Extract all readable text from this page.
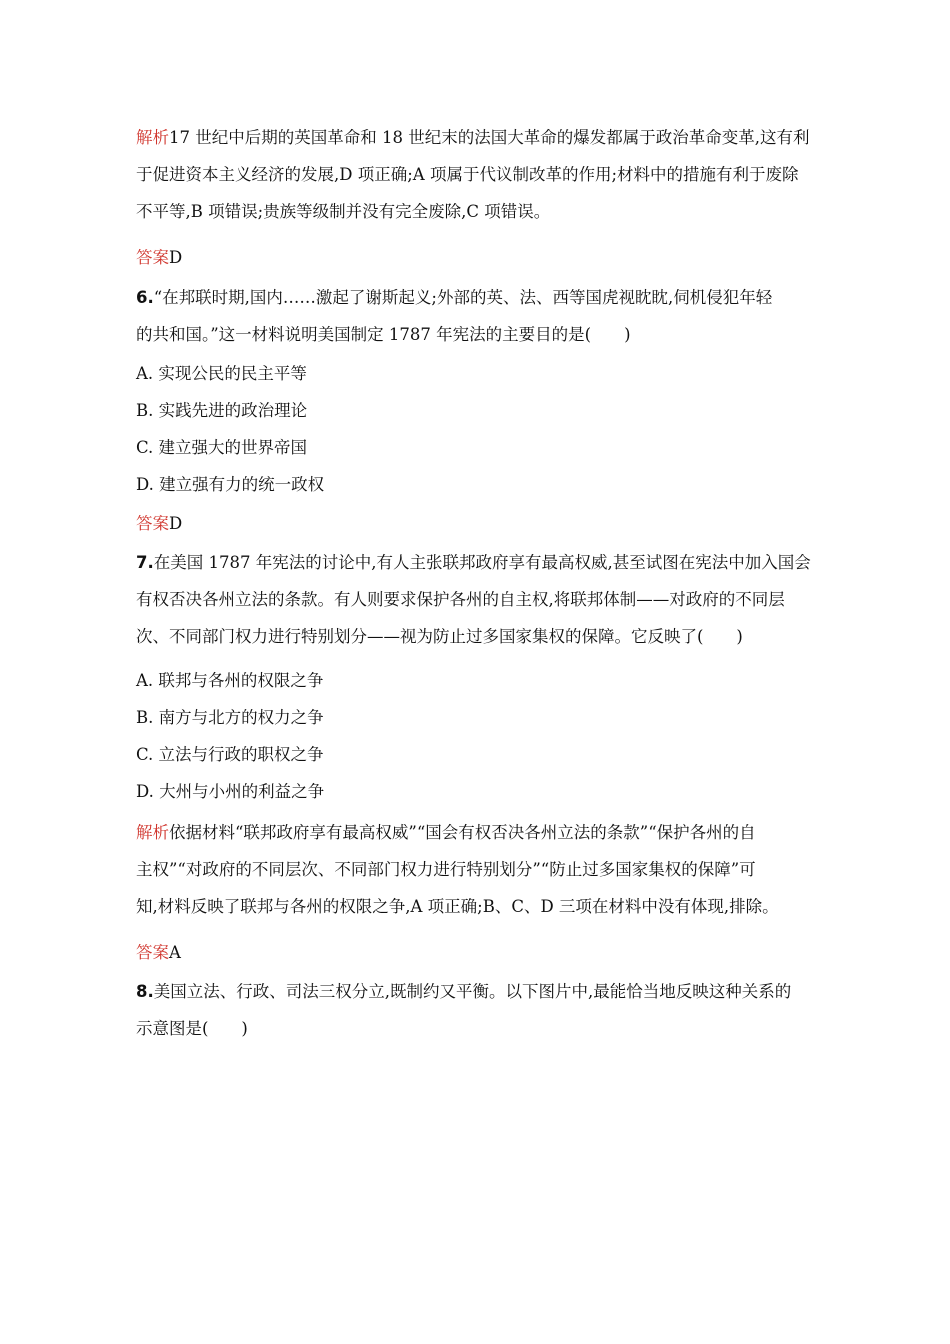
解析17 世纪中后期的英国革命和 18 世纪末的法国大革命的爆发都属于政治革命变革,这有利
于促进资本主义经济的发展,D 项正确;A 项属于代议制改革的作用;材料中的措施有利于废除
不平等,B 项错误;贵族等级制并没有完全废除,C 项错误。
答案D
6.“在邦联时期,国内……激起了谢斯起义;外部的英、法、西等国虎视眈眈,伺机侵犯年轻
的共和国。”这一材料说明美国制定 1787 年宪法的主要目的是(　　)
A. 实现公民的民主平等
B. 实践先进的政治理论
C. 建立强大的世界帝国
D. 建立强有力的统一政权
答案D
7.在美国 1787 年宪法的讨论中,有人主张联邦政府享有最高权威,甚至试图在宪法中加入国会
有权否决各州立法的条款。有人则要求保护各州的自主权,将联邦体制——对政府的不同层
次、不同部门权力进行特别划分——视为防止过多国家集权的保障。它反映了(　　)
A. 联邦与各州的权限之争
B. 南方与北方的权力之争
C. 立法与行政的职权之争
D. 大州与小州的利益之争
解析依据材料“联邦政府享有最高权威”“国会有权否决各州立法的条款”“保护各州的自
主权”“对政府的不同层次、不同部门权力进行特别划分”“防止过多国家集权的保障”可
知,材料反映了联邦与各州的权限之争,A 项正确;B、C、D 三项在材料中没有体现,排除。
答案A
8.美国立法、行政、司法三权分立,既制约又平衡。以下图片中,最能恰当地反映这种关系的
示意图是(　　)
